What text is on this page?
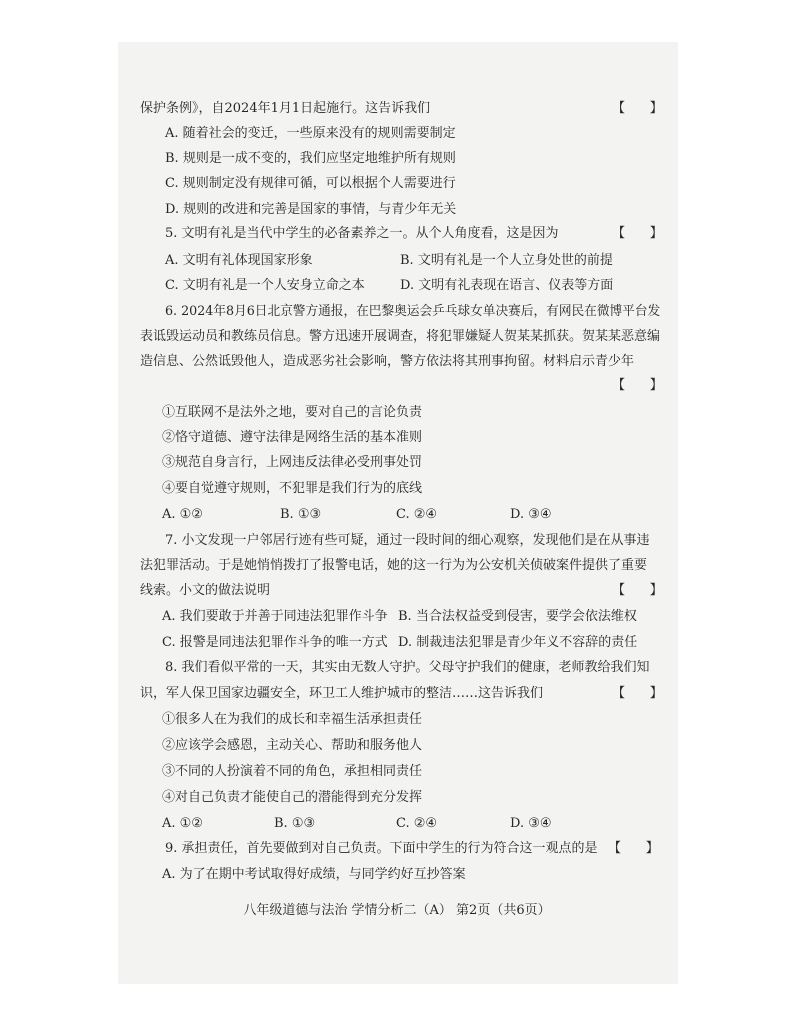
保护条例》，自2024年1月1日起施行。这告诉我们	【      】
A. 随着社会的变迁，一些原来没有的规则需要制定
B. 规则是一成不变的，我们应坚定地维护所有规则
C. 规则制定没有规律可循，可以根据个人需要进行
D. 规则的改进和完善是国家的事情，与青少年无关
5. 文明有礼是当代中学生的必备素养之一。从个人角度看，这是因为	【      】
A. 文明有礼体现国家形象	B. 文明有礼是一个人立身处世的前提
C. 文明有礼是一个人安身立命之本	D. 文明有礼表现在语言、仪表等方面
6. 2024年8月6日北京警方通报，在巴黎奥运会乒乓球女单决赛后，有网民在微博平台发
表诋毁运动员和教练员信息。警方迅速开展调查，将犯罪嫌疑人贺某某抓获。贺某某恶意编
造信息、公然诋毁他人，造成恶劣社会影响，警方依法将其刑事拘留。材料启示青少年
【      】
①互联网不是法外之地，要对自己的言论负责
②恪守道德、遵守法律是网络生活的基本准则
③规范自身言行，上网违反法律必受刑事处罚
④要自觉遵守规则，不犯罪是我们行为的底线
A. ①②	B. ①③	C. ②④	D. ③④
7. 小文发现一户邻居行迹有些可疑，通过一段时间的细心观察，发现他们是在从事违
法犯罪活动。于是她悄悄拨打了报警电话，她的这一行为为公安机关侦破案件提供了重要
线索。小文的做法说明	【      】
A. 我们要敢于并善于同违法犯罪作斗争 B. 当合法权益受到侵害，要学会依法维权
C. 报警是同违法犯罪作斗争的唯一方式 D. 制裁违法犯罪是青少年义不容辞的责任
8. 我们看似平常的一天，其实由无数人守护。父母守护我们的健康，老师教给我们知
识，军人保卫国家边疆安全，环卫工人维护城市的整洁……这告诉我们	【      】
①很多人在为我们的成长和幸福生活承担责任
②应该学会感恩，主动关心、帮助和服务他人
③不同的人扮演着不同的角色，承担相同责任
④对自己负责才能使自己的潜能得到充分发挥
A. ①②	B. ①③	C. ②④	D. ③④
9. 承担责任，首先要做到对自己负责。下面中学生的行为符合这一观点的是 【      】
A. 为了在期中考试取得好成绩，与同学约好互抄答案
八年级道德与法治 学情分析二（A） 第2页（共6页）
